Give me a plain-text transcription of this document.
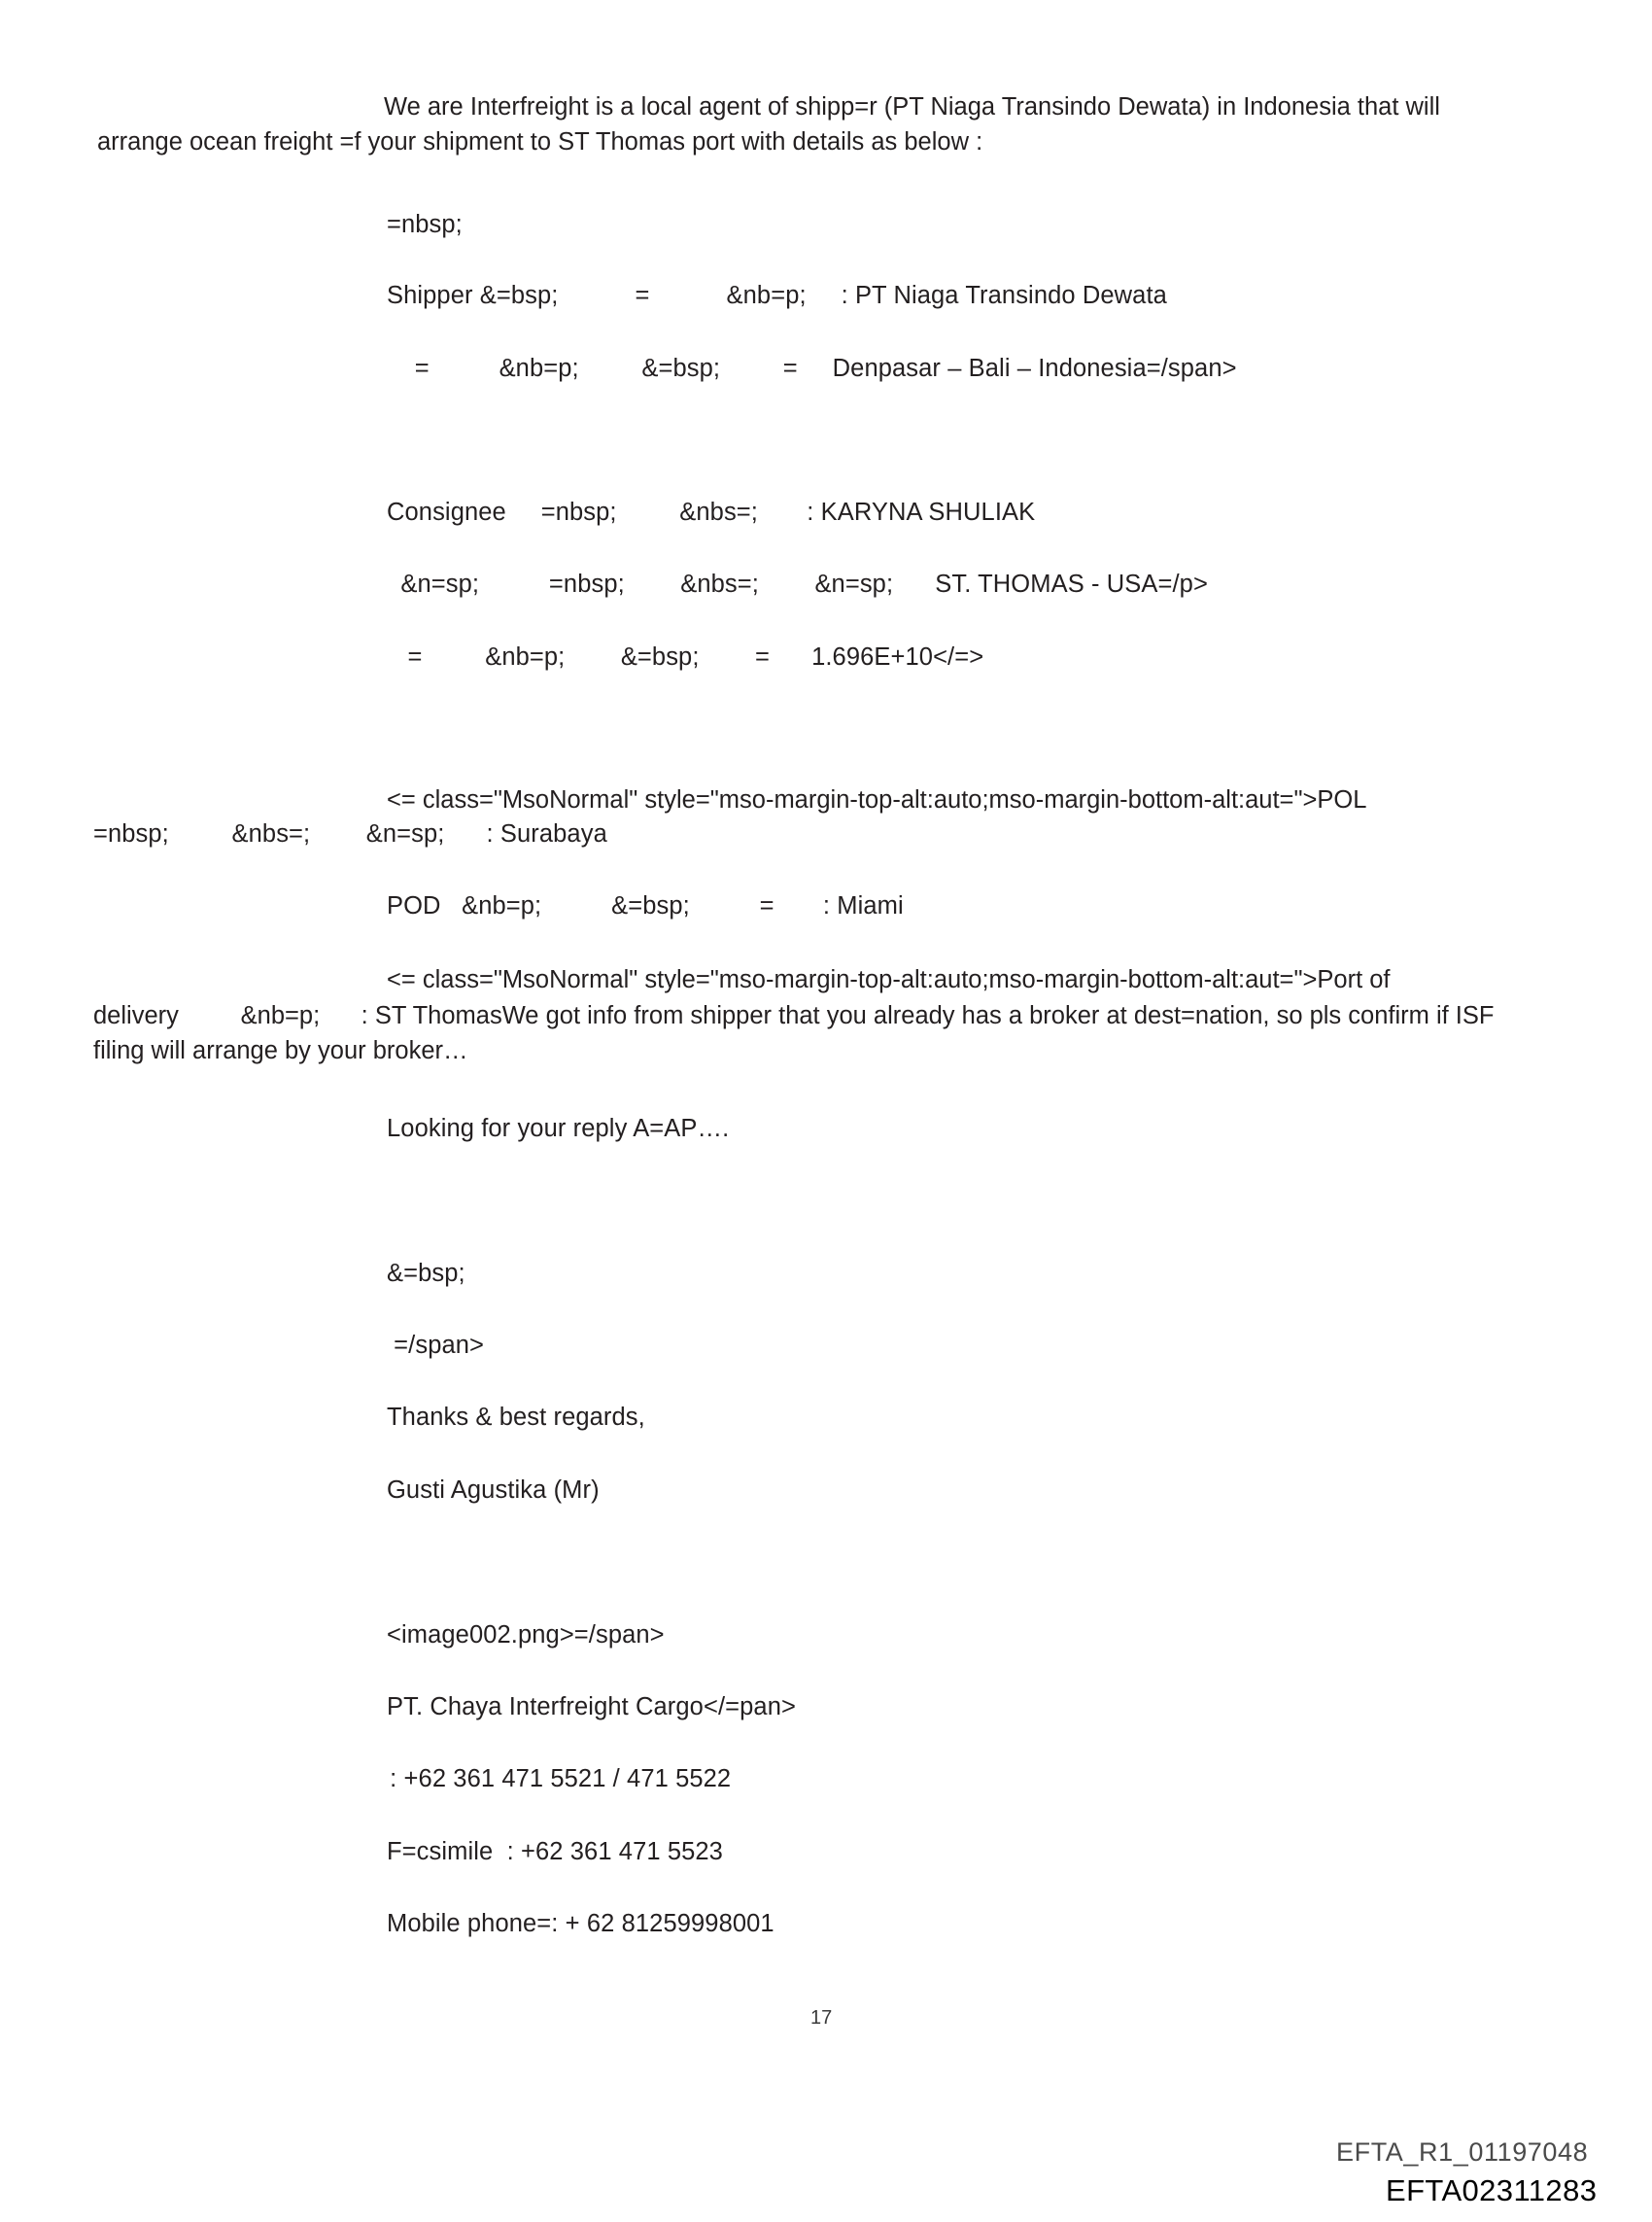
We are Interfreight is a local agent of shipp=r (PT Niaga Transindo Dewata) in Indonesia that will arrange ocean freight =f your shipment to ST Thomas port with details as below :
=nbsp;
Shipper &=bsp;           =           &nb=p;     : PT Niaga Transindo Dewata
=          &nb=p;         &=bsp;         =     Denpasar – Bali – Indonesia=/span>
Consignee     =nbsp;         &nbs=;       : KARYNA SHULIAK
&n=sp;          =nbsp;        &nbs=;        &n=sp;      ST. THOMAS - USA=/p>
=         &nb=p;        &=bsp;        =      1.696E+10</=>
<= class="MsoNormal" style="mso-margin-top-alt:auto;mso-margin-bottom-alt:aut=">POL
=nbsp;         &nbs=;        &n=sp;      : Surabaya
POD   &nb=p;          &=bsp;          =       : Miami
<= class="MsoNormal" style="mso-margin-top-alt:auto;mso-margin-bottom-alt:aut=">Port of
delivery         &nb=p;      : ST ThomasWe got info from shipper that you already has a broker at dest=nation, so pls confirm if ISF filing will arrange by your broker…
Looking for your reply A=AP….
&=bsp;
=/span>
Thanks & best regards,
Gusti Agustika (Mr)
<image002.png>=/span>
PT. Chaya Interfreight Cargo</=pan>
: +62 361 471 5521 / 471 5522
F=csimile  : +62 361 471 5523
Mobile phone=: + 62 81259998001
17
EFTA_R1_01197048
EFTA02311283
